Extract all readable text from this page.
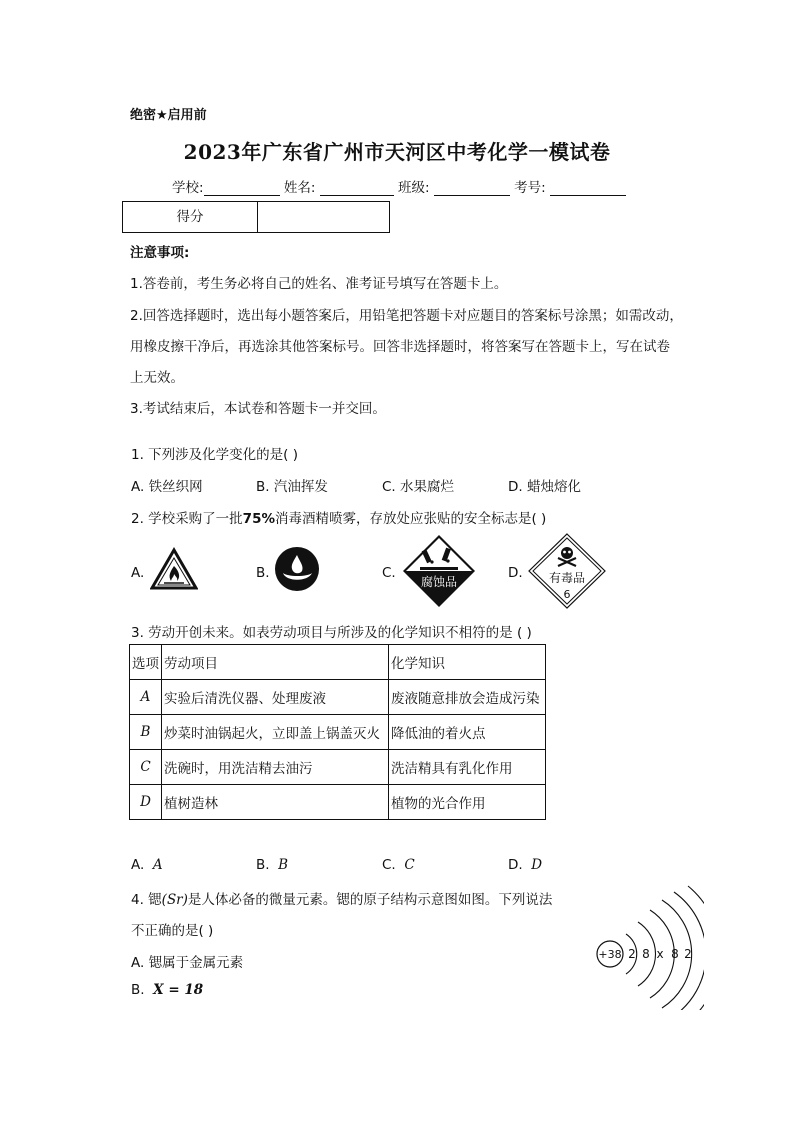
绝密★启用前
2023年广东省广州市天河区中考化学一模试卷
学校:	姓名:	班级:	考号:
得分
注意事项:
1.答卷前，考生务必将自己的姓名、准考证号填写在答题卡上。
2.回答选择题时，选出每小题答案后，用铅笔把答题卡对应题目的答案标号涂黑；如需改动，
用橡皮擦干净后，再选涂其他答案标号。回答非选择题时，将答案写在答题卡上，写在试卷
上无效。
3.考试结束后，本试卷和答题卡一并交回。
1. 下列涉及化学变化的是( )
A. 铁丝织网	B. 汽油挥发	C. 水果腐烂	D. 蜡烛熔化
2. 学校采购了一批75%消毒酒精喷雾，存放处应张贴的安全标志是( )
A.	B.	C.
腐蚀品
D. 有毒品
6
3. 劳动开创未来。如表劳动项目与所涉及的化学知识不相符的是 ( )
选项	劳动项目	化学知识
A	实验后清洗仪器、处理废液	废液随意排放会造成污染
B	炒菜时油锅起火，立即盖上锅盖灭火	降低油的着火点
C	洗碗时，用洗洁精去油污	洗洁精具有乳化作用
D	植树造林	植物的光合作用
A. A	B. B	C. C	D. D
4. 锶(Sr)是人体必备的微量元素。锶的原子结构示意图如图。下列说法
不正确的是( )
A. 锶属于金属元素
B. X = 18
+38 2 8 x 8 2
